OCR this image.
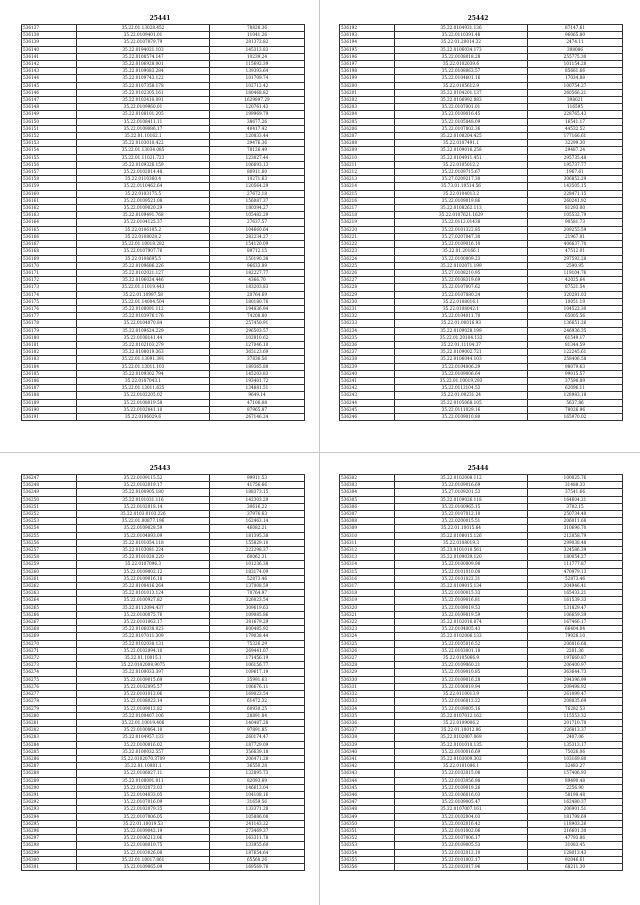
25441
536137	35.22.01.13028.452	78826.36
536138	35.22.0109401.01	11041.26
536139	35.22.0107879.79	281372.82
536140	35.22.0194021.103	145313.83
536141	35.22.0108574.147	10239.24
536142	35.22.0106928.001	115692.39
536143	35.22.0109083.284	139393.64
536144	35.22.0109743.122	101709.74
536145	35.22.0107358.178	102712.42
536146	35.22.0102305.161	180468.82
536147	35.22.0103410.091	1629897.29
536148	35.22.0109960.01	120761.43
536149	35.22.0108101.205	199969.79
536150	35.22.0108411.11	38677.26
536151	35.22.0109086.17	40417.42
536152	35.22.01.10162.1	120833.44
536153	35.22.0103010.422	29476.36
536154	35.22.01.13034.085	78126.49
536155	35.22.01.11021.723	123027.44
536156	35.22.0109326.159	106693.13
536157	35.22.0102014.48	80911.60
536158	35.22.0110360.4	10271.63
536159	35.22.0110462.64	120564.29
536160	35.22.0103175.5	27672.18
536161	35.22.0109521.08	156087.37
536162	35.22.0109020.29	180394.27
536163	35.22.0109491.768	105482.29
536164	35.22.0104125.37	27637.57
536165	35.22.0106105.2	104660.64
536166	35.22.0108028.2	282234.27
536167	35.22.01.10018.282	154120.09
536168	35.22.0107907.76	89712.15
536169	35.22.0108695.5	150190.38
536170	35.22.0109686.226	96633.89
536171	35.22.0102021.127	182227.77
536172	35.22.0106024.446	4366.70
536173	35.22.01.11019.443	183203.83
536174	35.22.01.10997.58	20764.69
536175	35.22.01.14004.504	180180.76
536176	35.22.0108091.112	194836.94
536177	35.22.0103976.176	74208.80
536178	35.22.0104070.84	257450.91
536179	35.22.0109624.229	296503.57
536180	35.22.0108141.44	102810.62
536181	35.22.0102103.279	127046.10
536182	35.22.0108019.363	365123.69
536183	35.22.01.13091.391	37836.56
536184	35.22.01.13011.103	189365.80
536185	35.22.0109302.794	145203.83
536186	35.22.0107043.1	193401.72
536187	35.22.01.13011.625	134881.51
536188	35.22.0102205.02	9649.14
536189	35.22.0108019.58	47106.08
536190	35.22.0102041.10	87965.87
536191	35.22.0106029.6	267146.24
25442
536192	35.22.0104931.136	87147.61
536193	35.22.0110391.48	96065.80
536194	35.22.01.20014.32	2474.11
536195	35.22.0106034.173	398086
536196	35.22.0108018.28	255775.30
536197	35.22.0102039.6	101154.28
536198	35.22.0108063.57	85661.66
536199	35.22.0104601.16	17034.88
536200	35.22.0105612.9	100754.27
536201	35.22.0104201.137	260566.21
536202	35.22.0106992.083	398021
536203	35.22.0107001.01	116595
536204	35.22.0109016.45	228765.43
536205	35.22.0105048.09	16541.17
536206	35.22.0107002.36	44532.52
536207	35.22.0108204.425	177166.61
536208	35.22.0107491.1	32299.30
536209	35.22.0109016.258	29487.24
536210	35.22.0104911.451	295735.48
536211	35.22.0105012.2	195737.77
536212	35.22.0109715.67	1967.61
536213	35.27.0209217.30	306852.29
536214	35.73.01.10514.56	143505.15
536215	35.22.0104013.2	228471.15
536216	35.22.0109019.86	260241.92
536217	35.22.0108262.113	81293.00
536218	35.22.0107621.1629	105532.79
536219	35.22.0112.01438	90581.73
536220	35.22.0101322.85	209255.59
536221	35.27.0207047.30	21967.01
536222	35.22.0109016.10	406637.70
536223	35.22.01.20166.1	47512.01
536224	35.22.0100009.23	297592.28
536225	35.22.0102071.199	2590.95
536226	35.27.0108210.95	119104.76
536227	35.22.0108319.69	42025.64
536228	35.22.0107007.62	87521.54
536229	35.22.0107080.24	320281.03
536230	35.22.0108016.1	10051.19
536231	35.22.0108042.1	104522.30
536232	35.22.0104011.70	65005.56
536233	35.22.01.00016.93	136651.26
536234	35.22.0109028.199	246936.35
536235	35.22.01.20104.133	61549.17
536236	35.22.01.11104.37	81344.59
536237	35.22.0109002.721	122245.61
536238	35.22.0106044.103	258406.58
536239	35.22.0104006.29	98079.63
536240	35.22.0109006.64	99015.57
536241	35.22.01.10019.293	37598.89
536242	35.22.0112104.53	62096.11
536243	35.22.01.00231.24	128983.18
536244	35.22.0105068.105	5637.86
536245	35.22.0111029.16	78026.96
536246	35.22.0109010.80	165970.02
25443
536247	35.22.0109115.52	99911.53
536248	35.22.0102019.17	41756.66
536249	35.22.0100905.180	188373.15
536250	35.22.0101031.116	142303.29
536251	35.22.0102018.14	30616.22
536252	35.22.0103.0103.226	37976.63
536253	35.22.01.00877.196	162463.14
536254	35.22.0109028.59	46082.21
536255	35.22.0104093.09	181395.38
536256	35.22.0101054.118	155829.10
536257	35.22.0103081.224	222298.37
536258	35.22.0101020.220	60062.31
536259	35.22.0107096.3	101236.38
536260	35.22.0109002.12	183174.09
536261	35.22.0109016.18	52873.46
536262	35.22.0100416.264	137008.59
536263	35.22.0101013.124	70764.97
536264	35.22.0100927.82	326023.54
536265	35.22.0112094.437	309619.63
536266	35.22.0100075.76	109085.86
536267	35.22.0101063.17	381679.29
536268	35.22.0106038.023	600485.92
536269	35.22.0107011.309	179038.44
536270	35.22.0102038.131	75326.29
536271	35.22.0102094.10	269441.07
536272	35.22.01.10015.1	171456.19
536273	35.22.0102008.9075	106156.77
536274	35.22.0100033.397	109617.19
536275	35.22.0109015.69	35991.63
536276	35.22.0102095.57	106676.11
536277	35.22.0101012.06	169023.54
536278	35.22.0108022.14	61472.32
536279	35.22.0109012.82	60930.25
536280	35.22.0100407.106	28891.84
536281	35.22.01.10019.406	140487.28
536282	35.22.0100064.10	97891.85
536283	35.22.0104957.133	260174.47
536284	35.22.0100016.02	187729.09
536285	35.22.0100032.557	356639.18
536286	35.22.0102070.3709	206471.28
536287	35.22.01.10081.1	36550.28
536288	35.22.0106027.11	132895.73
536289	35.22.0108091.011	82093.69
536290	35.22.0102073.03	146613.04
536291	35.22.0104033.05	104108.16
536292	35.22.0107016.09	31659.56
536293	35.22.0102079.35	133371.28
536294	35.22.0107006.05	105886.08
536295	35.22.01.10019.53	241143.22
536296	35.22.0109042.19	273469.37
536297	35.22.0106212.06	163311.78
536298	35.22.0108010.75	133955.60
536299	35.22.0103026.08	187654.64
536300	35.22.01.10017.861	65568.26
536301	35.22.0109065.09	169569.76
25444
536302	35.22.0102008.112	100025.76
536303	35.22.0109016.69	31488.33
536304	35.27.0109201.53	37541.66
536305	35.22.0109026.118	164604.21
536306	35.22.0100965.15	3702.15
536307	35.22.0107012.10	250734.40
536308	35.22.0200015.51	206011.68
536309	35.22.01.10015.64	310696.70
536310	35.22.0108015.126	212058.79
536311	35.22.0108019.3	299038.48
536312	35.23.0101010.561	324586.39
536313	35.22.0109039.120	180054.27
536314	35.22.0100009.98	111777.87
536315	35.22.0101010.08	470979.13
536316	35.22.0101022.31	52873.46
536317	35.22.0109015.134	204946.41
536318	35.22.0100015.33	165433.21
536319	35.22.0109016.81	161539.33
536320	35.22.0109019.53	131829.47
536321	35.22.0109019.59	106659.39
536322	35.22.0102016.074	167466.17
536323	35.22.0104005.43	66404.04
536324	35.22.0102006.133	79926.10
536325	35.22.0105016.52	206816.68
536326	35.22.0103001.18	2201.36
536327	35.22.0105066.9	197660.87
536328	35.22.0109060.21	206400.97
536329	35.22.0109010.85	363644.73
536330	35.22.0109016.28	294396.99
536331	35.22.0100019.94	209498.92
536332	35.22.0110013.9	261099.47
536333	35.22.0106012.22	208035.69
536334	35.22.0109005.16	76282.53
536335	35.22.0107012.162	115553.32
536336	35.22.0109006.2	201710.70
536337	35.22.01.10012.06	226813.37
536338	35.22.0102007.069	2407.06
536339	35.22.0101010.135	135313.17
536340	35.22.0100016.69	75026.06
536341	35.22.0103009.302	103169.80
536342	35.22.0101086.1	32483.27
536343	35.22.0102015.08	157406.93
536344	35.22.0103056.98	89490.48
536345	35.22.0109019.26	2256.90
536346	35.22.0106016.03	58190.48
536347	35.22.0109005.47	162480.37
536348	35.22.0107007.161	206901.51
536349	35.22.0102004.03	181798.69
536350	35.22.0102016.42	118903.26
536351	35.22.0101002.06	216601.30
536352	35.22.0107006.17	47793.86
536353	35.22.0109005.53	31083.45
536354	35.22.0102012.10	128013.43
536355	35.22.0101002.17	92046.61
536356	35.22.0102017.96	68211.30
